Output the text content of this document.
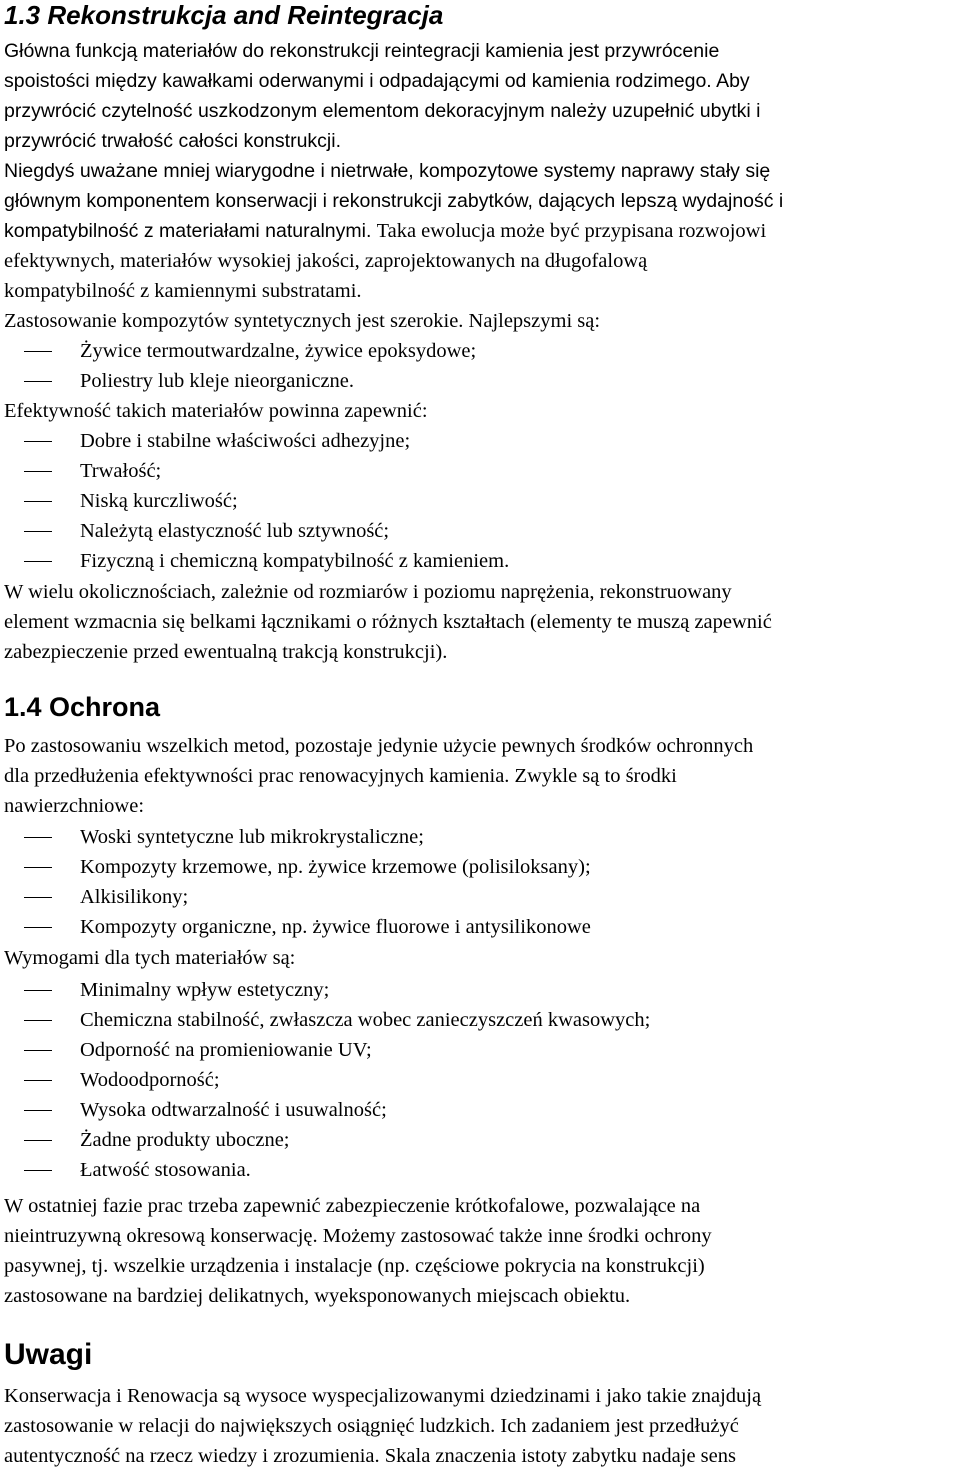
1.3 Rekonstrukcja and Reintegracja
Główna funkcją materiałów do rekonstrukcji reintegracji kamienia jest przywrócenie
spoistości między kawałkami oderwanymi i odpadającymi od kamienia rodzimego. Aby
przywrócić czytelność uszkodzonym elementom dekoracyjnym należy uzupełnić ubytki i
przywrócić trwałość całości konstrukcji.
Niegdyś uważane mniej wiarygodne i nietrwałe, kompozytowe systemy naprawy stały się
głównym komponentem konserwacji i rekonstrukcji zabytków, dających lepszą wydajność i
kompatybilność z materiałami naturalnymi. Taka ewolucja może być przypisana rozwojowi
efektywnych, materiałów wysokiej jakości, zaprojektowanych na długofalową
kompatybilność z kamiennymi substratami.
Zastosowanie kompozytów syntetycznych jest szerokie. Najlepszymi są:
Żywice termoutwardzalne, żywice epoksydowe;
Poliestry lub kleje nieorganiczne.
Efektywność takich materiałów powinna zapewnić:
Dobre i stabilne właściwości adhezyjne;
Trwałość;
Niską kurczliwość;
Należytą elastyczność lub sztywność;
Fizyczną i chemiczną kompatybilność z kamieniem.
W wielu okolicznościach, zależnie od rozmiarów i poziomu naprężenia, rekonstruowany
element wzmacnia się belkami łącznikami o różnych kształtach (elementy te muszą zapewnić
zabezpieczenie przed ewentualną trakcją konstrukcji).
1.4 Ochrona
Po zastosowaniu wszelkich metod, pozostaje jedynie użycie pewnych środków ochronnych
dla przedłużenia efektywności prac renowacyjnych kamienia. Zwykle są to środki
nawierzchniowe:
Woski syntetyczne lub mikrokrystaliczne;
Kompozyty krzemowe, np. żywice krzemowe (polisiloksany);
Alkisilikony;
Kompozyty organiczne, np. żywice fluorowe i antysilikonowe
Wymogami dla tych materiałów są:
Minimalny wpływ estetyczny;
Chemiczna stabilność, zwłaszcza wobec zanieczyszczeń kwasowych;
Odporność na promieniowanie UV;
Wodoodporność;
Wysoka odtwarzalność i usuwalność;
Żadne produkty uboczne;
Łatwość stosowania.
W ostatniej fazie prac trzeba zapewnić zabezpieczenie krótkofalowe, pozwalające na
nieintruzywną okresową konserwację. Możemy zastosować także inne środki ochrony
pasywnej, tj. wszelkie urządzenia i instalacje (np. częściowe pokrycia na konstrukcji)
zastosowane na bardziej delikatnych, wyeksponowanych miejscach obiektu.
Uwagi
Konserwacja i Renowacja są wysoce wyspecjalizowanymi dziedzinami i jako takie znajdują
zastosowanie w relacji do największych osiągnięć ludzkich. Ich zadaniem jest przedłużyć
autentyczność na rzecz wiedzy i zrozumienia. Skala znaczenia istoty zabytku nadaje sens
